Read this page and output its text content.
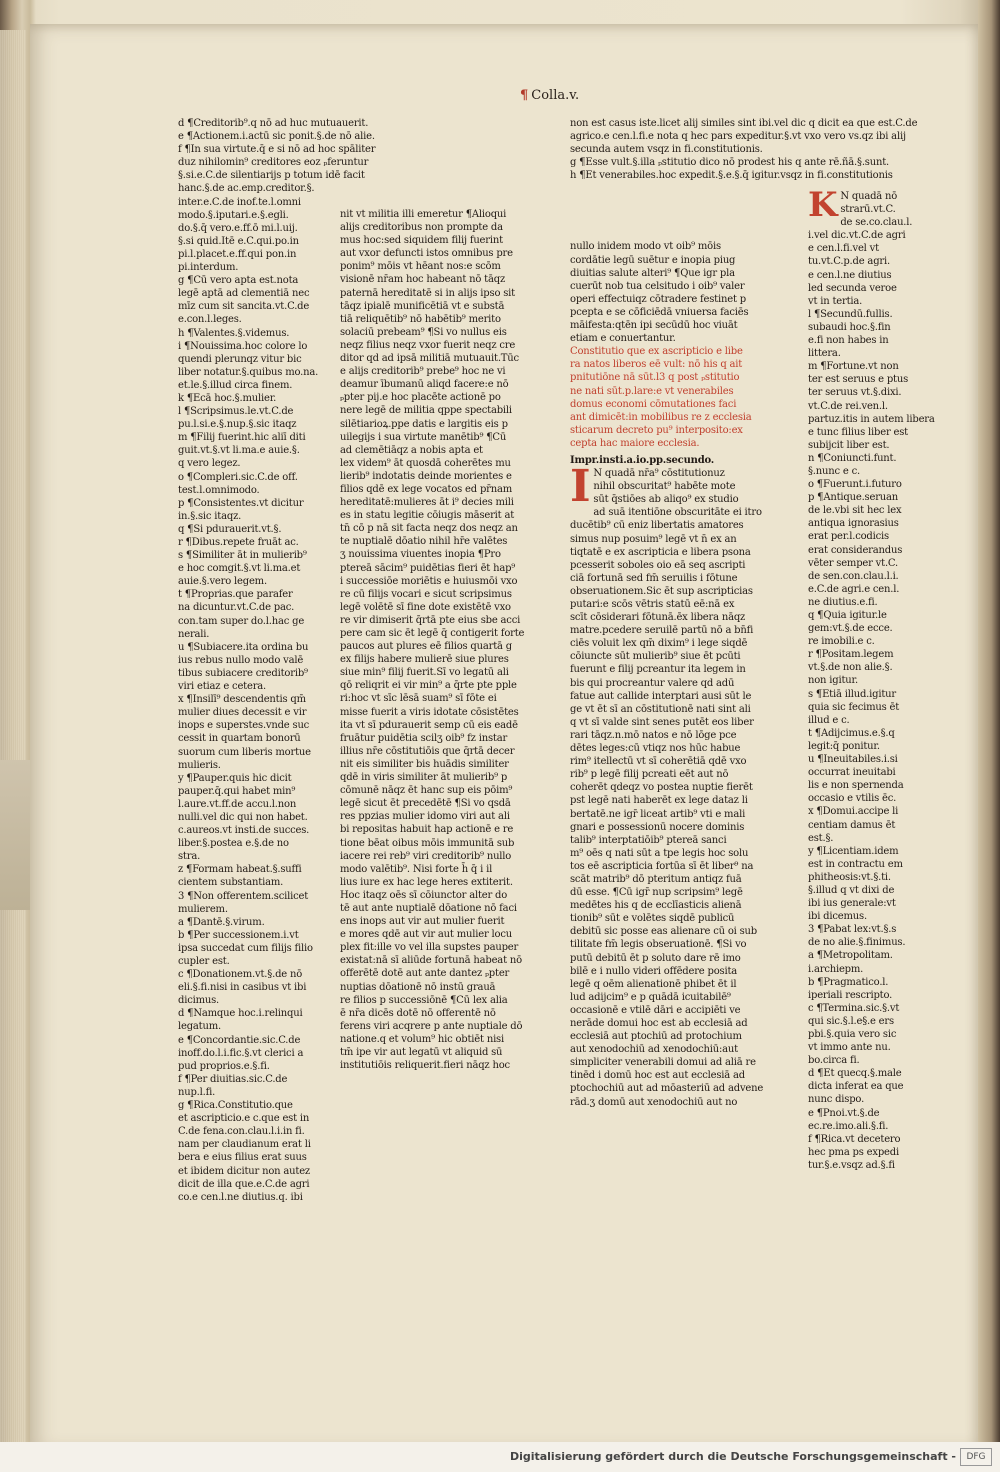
¶ Colla.v.

d ¶Creditorib⁹.q nō ad huc mutuauerit.

e ¶Actionem.i.actū sic ponit.§.de nō alie.

f ¶In sua virtute.q̄ e si nō ad hoc spāliter

duz nihilomin⁹ creditores eoz ₚferuntur

§.si.e.C.de silentiarijs p totum idē facit

hanc.§.de ac.emp.creditor.§.

inter.e.C.de inof.te.l.omni

modo.§.iputari.e.§.egli.

do.§.q̄ vero.e.ff.ō mi.l.uij.

§.si quid.Itē e.C.qui.po.in

pi.l.placet.e.ff.qui pon.in

pi.interdum.

g ¶Cū vero apta est.nota

legē aptā ad clementiā nec

mīz cum sit sancita.vt.C.de

e.con.l.leges.

h ¶Valentes.§.videmus.

i ¶Nouissima.hoc colore lo

quendi plerunqz vitur bic

liber notatur.§.quibus mo.na.

et.le.§.illud circa finem.

k ¶Ecā hoc.§.mulier.

l ¶Scripsimus.le.vt.C.de

pu.l.si.e.§.nup.§.sic itaqz

m ¶Filij fuerint.hic aliī diti

guit.vt.§.vt li.ma.e auie.§.

q vero legez.

o ¶Compleri.sic.C.de off.

test.l.omnimodo.

p ¶Consistentes.vt dicitur

in.§.sic itaqz.

q ¶Si pdurauerit.vt.§.

r ¶Dibus.repete fruāt ac.

s ¶Similiter āt in mulierib⁹

e hoc comgit.§.vt li.ma.et

auie.§.vero legem.

t ¶Proprias.que parafer

na dicuntur.vt.C.de pac.

con.tam super do.l.hac ge

nerali.

u ¶Subiacere.ita ordina bu

ius rebus nullo modo valē

tibus subiacere creditorib⁹

viri etiaz e cetera.

x ¶Insilī⁹ descendentis qm̄

mulier diues decessit e vir

inops e superstes.vnde suc

cessit in quartam bonorū

suorum cum liberis mortue

mulieris.

y ¶Pauper.quis hic dicit

pauper.q̄.qui habet min⁹

l.aure.vt.ff.de accu.l.non

nulli.vel dic qui non habet.

c.aureos.vt insti.de succes.

liber.§.postea e.§.de no

stra.

z ¶Formam habeat.§.suffi

cientem substantiam.

3 ¶Non offerentem.scilicet

mulierem.

a ¶Dantē.§.virum.

b ¶Per successionem.i.vt

ipsa succedat cum filijs filio

cupler est.

c ¶Donationem.vt.§.de nō

eli.§.fi.nisi in casibus vt ibi

dicimus.

d ¶Namque hoc.i.relinqui

legatum.

e ¶Concordantie.sic.C.de

inoff.do.l.i.fic.§.vt clerici a

pud proprios.e.§.fi.

f ¶Per diuitias.sic.C.de

nup.l.fi.

g ¶Rica.Constitutio.que

et ascripticio.e c.que est in

C.de fena.con.clau.l.i.in fi.

nam per claudianum erat li

bera e eius filius erat suus

et ibidem dicitur non autez

dicit de illa que.e.C.de agri

co.e cen.l.ne diutius.q. ibi

nit vt militia illi emeretur ¶Alioqui

alijs creditoribus non prompte da

mus hoc:sed siquidem filij fuerint

aut vxor defuncti istos omnibus pre

ponim⁹ mōis vt hēant nos:e scōm

visionē nr̄am hoc habeant nō tāqz

paternā hereditatē si in alijs ipso sit

tāqz ipialē munificētiā vt e substā

tiā reliquētib⁹ nō habētib⁹ merito

solaciū prebeam⁹ ¶Si vo nullus eis

neqz filius neqz vxor fuerit neqz cre

ditor qd ad ipsā militiā mutuauit.Tūc

e alijs creditorib⁹ prebe⁹ hoc ne vi

deamur ībumanū aliqd facere:e nō

ₚpter pij.e hoc placēte actionē po

nere legē de militia qppe spectabili

silētiarioꝝ.ppe datis e largitis eis p

uilegijs i sua virtute manētib⁹ ¶Cū

ad clemētiāqz a nobis apta et

lex videm⁹ āt quosdā coherētes mu

lierib⁹ indotatis deinde morientes e

filios qdē ex lege vocatos ed pr̄nam

hereditatē:mulieres āt i⁹ decies mili

es in statu legitie cōiugis māserit at

tn̄ cō p nā sit facta neqz dos neqz an

te nuptialē dōatio nihil hr̄e valētes

ʒ nouissima viuentes inopia ¶Pro

ptereā sācim⁹ puidētias fieri ēt hap⁹

i successiōe moriētis e huiusmōi vxo

re cū filijs vocari e sicut scripsimus

legē volētē sī fine dote existētē vxo

re vir dimiserit q̄rtā pte eius sbe acci

pere cam sic ēt legē q̄ contigerit forte

paucos aut plures eē filios quartā g

ex filijs habere mulierē siue plures

siue min⁹ filij fuerit.Sī vo legatū ali

qō reliqrit ei vir min⁹ a q̄rte pte pple

ri:hoc vt sīc lēsā suam⁹ sī fōte ei

misse fuerit a viris idotate cōsistētes

ita vt sī pdurauerit semp cū eis eadē

fruātur puidētia scilʒ oib⁹ fz instar

illius nr̄e cōstitutiōis que q̄rtā decer

nit eis similiter bis huādis similiter

qdē in viris similiter āt mulierib⁹ p

cōmunē nāqz ēt hanc sup eis pōim⁹

legē sicut ēt precedētē ¶Si vo qsdā

res ppzias mulier idomo viri aut ali

bi repositas habuit hap actionē e re

tione bēat oibus mōis immunitā sub

iacere rei reb⁹ viri creditorib⁹ nullo

modo valētib⁹. Nisi forte h̄ q̄ i il

lius iure ex hac lege heres extiterit.

Hoc itaqz oēs sī cōiunctor alter do

tē aut ante nuptialē dōatione nō faci

ens inops aut vir aut mulier fuerit

e mores qdē aut vir aut mulier locu

plex fit:ille vo vel illa supstes pauper

existat:nā sī aliūde fortunā habeat nō

offerētē dotē aut ante dantez ₚpter

nuptias dōationē nō instū grauā

re filios p successiōnē ¶Cū lex alia

ē nr̄a dicēs dotē nō offerentē nō

ferens viri acqrere p ante nuptiale dō

natione.q et volum⁹ hic obtiēt nisi

tm̄ ipe vir aut legatū vt aliquid sū

institutiōis reliquerit.fieri nāqz hoc

non est casus iste.licet alij similes sint ibi.vel dic q dicit ea que est.C.de

agrico.e cen.l.fi.e nota q hec pars expeditur.§.vt vxo vero vs.qz ibi alij

secunda autem vsqz in fi.constitutionis.

g ¶Esse vult.§.illa ₚstitutio dico nō prodest his q ante rē.ñā.§.sunt.

h ¶Et venerabiles.hoc expedit.§.e.§.q̄ igitur.vsqz in fi.constitutionis

nullo inidem modo vt oib⁹ mōis

cordātie legū suētur e inopia piug

diuitias salute alteri⁹ ¶Que igr pla

cuerūt nob tua celsitudo i oib⁹ valer

operi effectuiqz cōtradere festinet p

pcepta e se cōficiēdā vniuersa faciēs

māifesta:qtēn ipi secūdū hoc viuāt

etiam e conuertantur.

Constitutio que ex ascripticio e libe

ra natos liberos eē vult: nō his q ait

pnitutiōne nā sūt.l3 q post ₚstitutio

ne nati sūt.p.lare:e vt venerabiles

domus economi cōmutationes faci

ant dimicēt:in mobilibus re z ecclesia

sticarum decreto pu⁹ interposito:ex

cepta hac maiore ecclesia.

Impr.insti.a.io.pp.secundo.

I N quadā nr̄a⁹ cōstitutionuz

nihil obscuritat⁹ habēte mote

sūt q̄stiōes ab aliqo⁹ ex studio

ad suā itentiōne obscuritāte ei itro

ducētib⁹ cū eniz libertatis amatores

simus nup posuim⁹ legē vt n̄ ex an

tiqtatē e ex ascripticia e libera psona

pcesserit soboles oio eā seq ascripti

ciā fortunā sed fm̄ seruilis i fōtune

obseruationem.Sic ēt sup ascripticias

putari:e scōs vētris statū eē:nā ex

scīt cōsiderari fōtunā.ēx libera nāqz

matre.pcedere seruilē partū nō a bn̄fi

ciēs voluit lex qm̄ dixim⁹ i lege siqdē

cōiuncte sūt mulierib⁹ siue ēt pcūti

fuerunt e filij pcreantur ita legem in

bis qui procreantur valere qd adū

fatue aut callide interptari ausi sūt le

ge vt ēt sī an cōstitutionē nati sint ali

q vt sī valde sint senes putēt eos liber

rari tāqz.n.mō natos e nō lōge pce

dētes leges:cū vtiqz nos hūc habue

rim⁹ itellectū vt sī coherētiā qdē vxo

rib⁹ p legē filij pcreati eēt aut nō

coherēt qdeqz vo postea nuptie fierēt

pst legē nati haberēt ex lege dataz li

bertatē.ne igr̄ liceat artib⁹ vti e mali

gnari e possessionū nocere dominis

talib⁹ interptatiōib⁹ ptereā sanci

m⁹ oēs q nati sūt a tpe legis hoc solu

tos eē ascripticia fortūa sī ēt liber⁹ na

scāt matrib⁹ dō pteritum antiqz fuā

dū esse. ¶Cū igr̄ nup scripsim⁹ legē

medētes his q de ecclīasticis alienā

tionib⁹ sūt e volētes siqdē publicū

debitū sic posse eas alienare cū oi sub

tilitate fm̄ legis obseruationē. ¶Si vo

putū debitū ēt p soluto dare rē imo

bilē e i nullo videri offēdere posita

legē q oēm alienationē phibet ēt il

lud adijcim⁹ e p quādā icuitabilē⁹

occasionē e vtilē dāri e accipiēti ve

nerāde domui hoc est ab ecclesiā ad

ecclesiā aut ptochiū ad protochium

aut xenodochiū ad xenodochiū:aut

simpliciter venerabili domui ad aliā re

tinēd i domū hoc est aut ecclesiā ad

ptochochiū aut ad mōasteriū ad advene

rād.ʒ domū aut xenodochiū aut no

K N quadā nō

strarū.vt.C.

de se.co.clau.l.

i.vel dic.vt.C.de agri

e cen.l.fi.vel vt

tu.vt.C.p.de agri.

e cen.l.ne diutius

led secunda veroe

vt in tertia.

l ¶Secundū.fullis.

subaudi hoc.§.fin

e.fi non habes in

littera.

m ¶Fortune.vt non

ter est seruus e ptus

ter seruus vt.§.dixi.

vt.C.de rei.ven.l.

partuz.itis in autem libera

e tunc filius liber est

subijcit liber est.

n ¶Coniuncti.funt.

§.nunc e c.

o ¶Fuerunt.i.futuro

p ¶Antique.seruan

de le.vbi sit hec lex

antiqua ignorasius

erat per.l.codicis

erat considerandus

vēter semper vt.C.

de sen.con.clau.l.i.

e.C.de agri.e cen.l.

ne diutius.e.fi.

q ¶Quia igitur.le

gem:vt.§.de ecce.

re imobili.e c.

r ¶Positam.legem

vt.§.de non alie.§.

non igitur.

s ¶Etiā illud.igitur

quia sic fecimus ēt

illud e c.

t ¶Adijcimus.e.§.q

legit:q̄ ponitur.

u ¶Ineuitabiles.i.si

occurrat ineuitabi

lis e non spernenda

occasio e vtilis ēc.

x ¶Domui.accipe li

centiam damus ēt

est.§.

y ¶Licentiam.idem

est in contractu em

phitheosis:vt.§.ti.

§.illud q vt dixi de

ibi ius generale:vt

ibi dicemus.

3 ¶Pabat lex:vt.§.s

de no alie.§.finimus.

a ¶Metropolitam.

i.archiepm.

b ¶Pragmatico.l.

iperiali rescripto.

c ¶Termina.sic.§.vt

qui sic.§.l.e§.e ers

pbi.§.quia vero sic

vt immo ante nu.

bo.circa fi.

d ¶Et quecq.§.male

dicta inferat ea que

nunc dispo.

e ¶Pnoi.vt.§.de

ec.re.imo.ali.§.fi.

f ¶Rica.vt decetero

hec pma ps expedi

tur.§.e.vsqz ad.§.fi

Digitalisierung gefördert durch die Deutsche Forschungsgemeinschaft -	DFG
